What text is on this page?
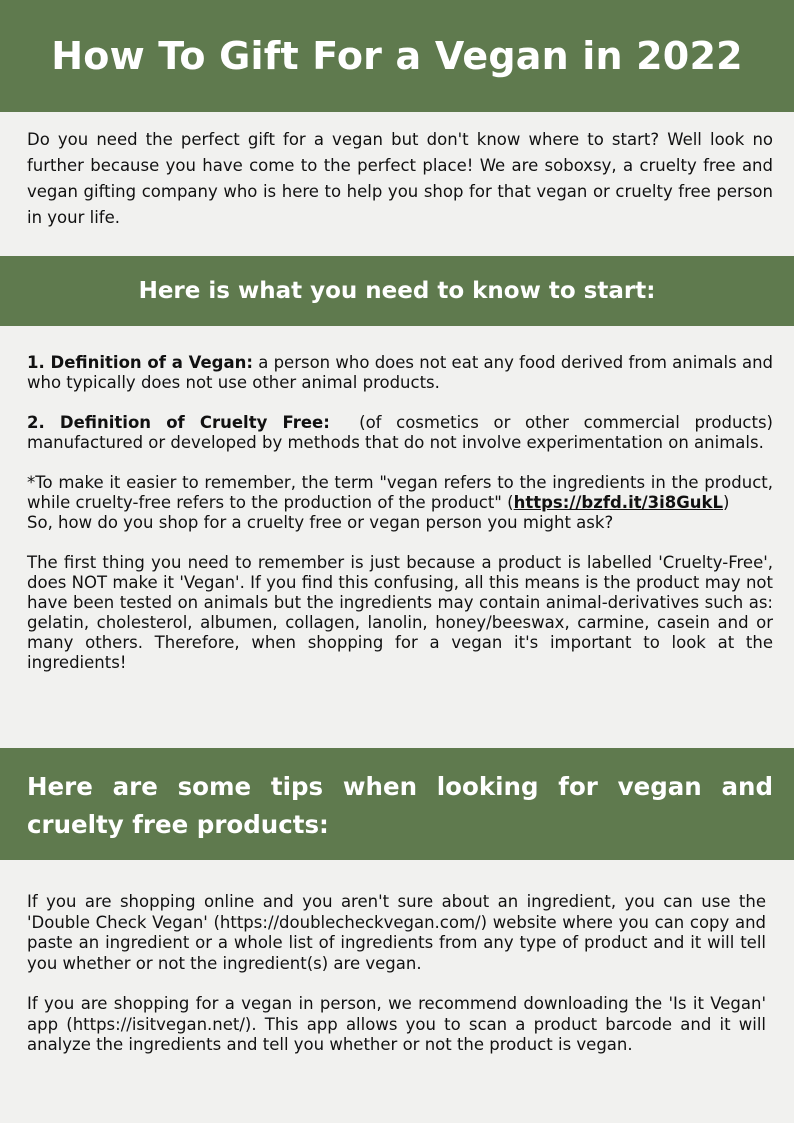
How To Gift For a Vegan in 2022

Do you need the perfect gift for a vegan but don't know where to start? Well look no further because you have come to the perfect place! We are soboxsy, a cruelty free and vegan gifting company who is here to help you shop for that vegan or cruelty free person in your life.

Here is what you need to know to start:

1. Definition of a Vegan: a person who does not eat any food derived from animals and who typically does not use other animal products.

2. Definition of Cruelty Free:  (of cosmetics or other commercial products) manufactured or developed by methods that do not involve experimentation on animals.

*To make it easier to remember, the term "vegan refers to the ingredients in the product, while cruelty-free refers to the production of the product" (https://bzfd.it/3i8GukL)

So, how do you shop for a cruelty free or vegan person you might ask?

The first thing you need to remember is just because a product is labelled 'Cruelty-Free', does NOT make it 'Vegan'. If you find this confusing, all this means is the product may not have been tested on animals but the ingredients may contain animal-derivatives such as: gelatin, cholesterol, albumen, collagen, lanolin, honey/beeswax, carmine, casein and or many others. Therefore, when shopping for a vegan it's important to look at the ingredients!

Here are some tips when looking for vegan and cruelty free products:

If you are shopping online and you aren't sure about an ingredient, you can use the 'Double Check Vegan' (https://doublecheckvegan.com/) website where you can copy and paste an ingredient or a whole list of ingredients from any type of product and it will tell you whether or not the ingredient(s) are vegan.

If you are shopping for a vegan in person, we recommend downloading the 'Is it Vegan' app (https://isitvegan.net/). This app allows you to scan a product barcode and it will analyze the ingredients and tell you whether or not the product is vegan.
